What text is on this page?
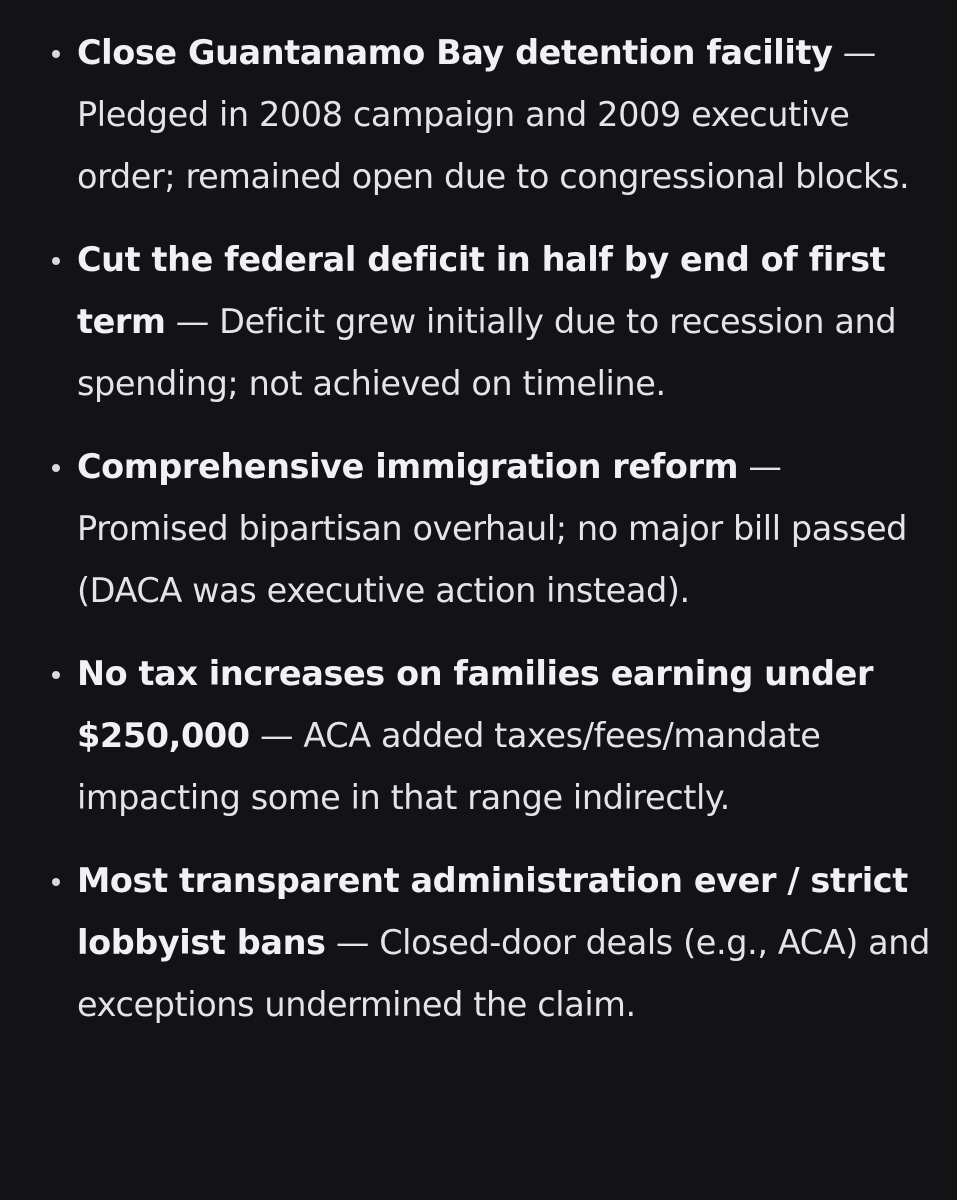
Close Guantanamo Bay detention facility — Pledged in 2008 campaign and 2009 executive order; remained open due to congressional blocks.
Cut the federal deficit in half by end of first term — Deficit grew initially due to recession and spending; not achieved on timeline.
Comprehensive immigration reform — Promised bipartisan overhaul; no major bill passed (DACA was executive action instead).
No tax increases on families earning under $250,000 — ACA added taxes/fees/mandate impacting some in that range indirectly.
Most transparent administration ever / strict lobbyist bans — Closed-door deals (e.g., ACA) and exceptions undermined the claim.
